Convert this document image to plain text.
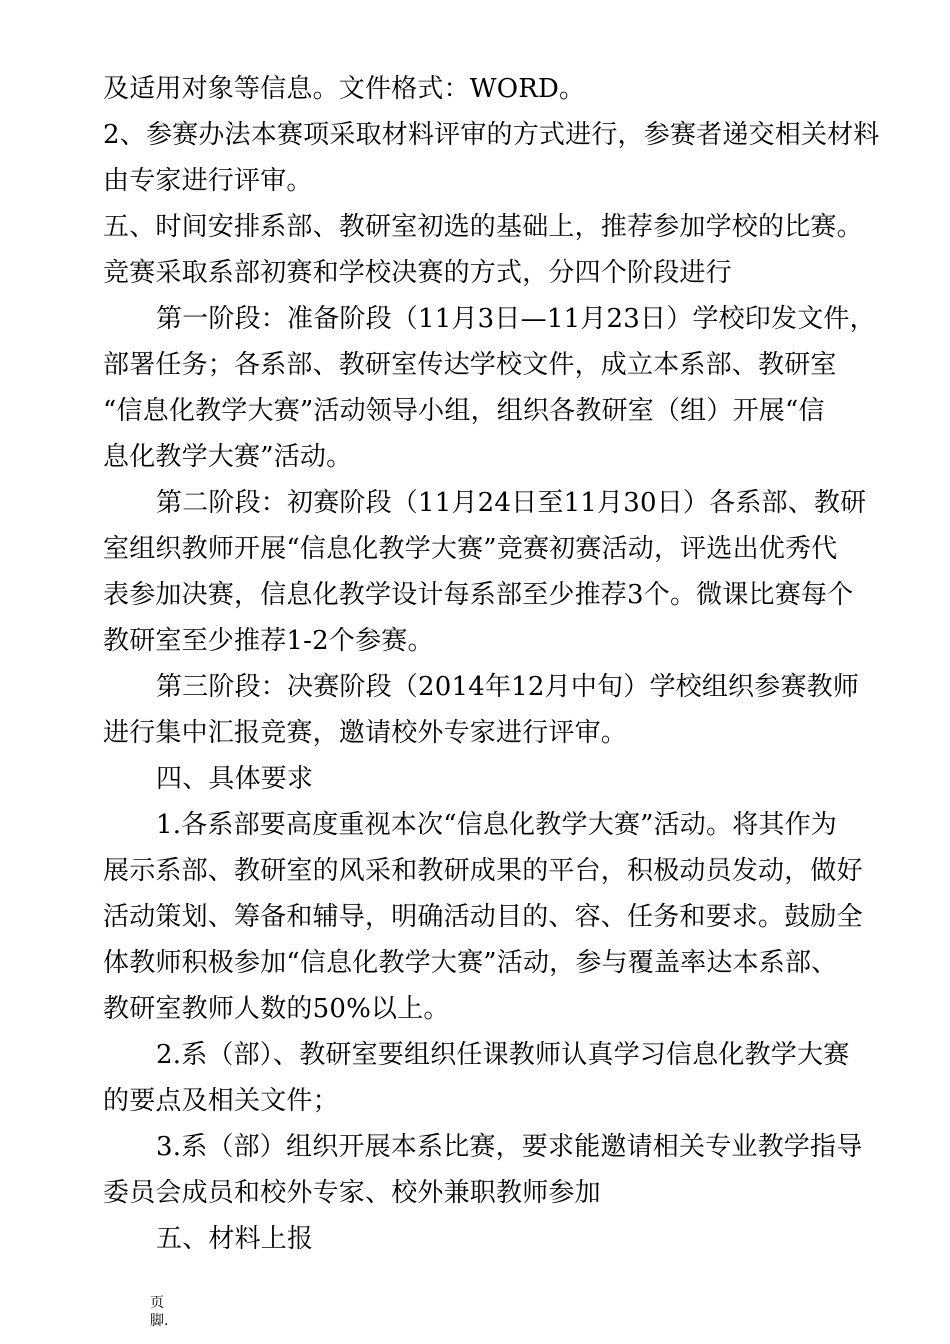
及适用对象等信息。文件格式：WORD。
2、参赛办法本赛项采取材料评审的方式进行，参赛者递交相关材料
由专家进行评审。
五、时间安排系部、教研室初选的基础上，推荐参加学校的比赛。
竞赛采取系部初赛和学校决赛的方式，分四个阶段进行
第一阶段：准备阶段（11月3日—11月23日）学校印发文件，
部署任务；各系部、教研室传达学校文件，成立本系部、教研室
“信息化教学大赛”活动领导小组，组织各教研室（组）开展“信
息化教学大赛”活动。
第二阶段：初赛阶段（11月24日至11月30日）各系部、教研
室组织教师开展“信息化教学大赛”竞赛初赛活动，评选出优秀代
表参加决赛，信息化教学设计每系部至少推荐3个。微课比赛每个
教研室至少推荐1-2个参赛。
第三阶段：决赛阶段（2014年12月中旬）学校组织参赛教师
进行集中汇报竞赛，邀请校外专家进行评审。
四、具体要求
1.各系部要高度重视本次“信息化教学大赛”活动。将其作为
展示系部、教研室的风采和教研成果的平台，积极动员发动，做好
活动策划、筹备和辅导，明确活动目的、容、任务和要求。鼓励全
体教师积极参加“信息化教学大赛”活动，参与覆盖率达本系部、
教研室教师人数的50%以上。
2.系（部）、教研室要组织任课教师认真学习信息化教学大赛
的要点及相关文件；
3.系（部）组织开展本系比赛，要求能邀请相关专业教学指导
委员会成员和校外专家、校外兼职教师参加
五、材料上报
页
脚.
